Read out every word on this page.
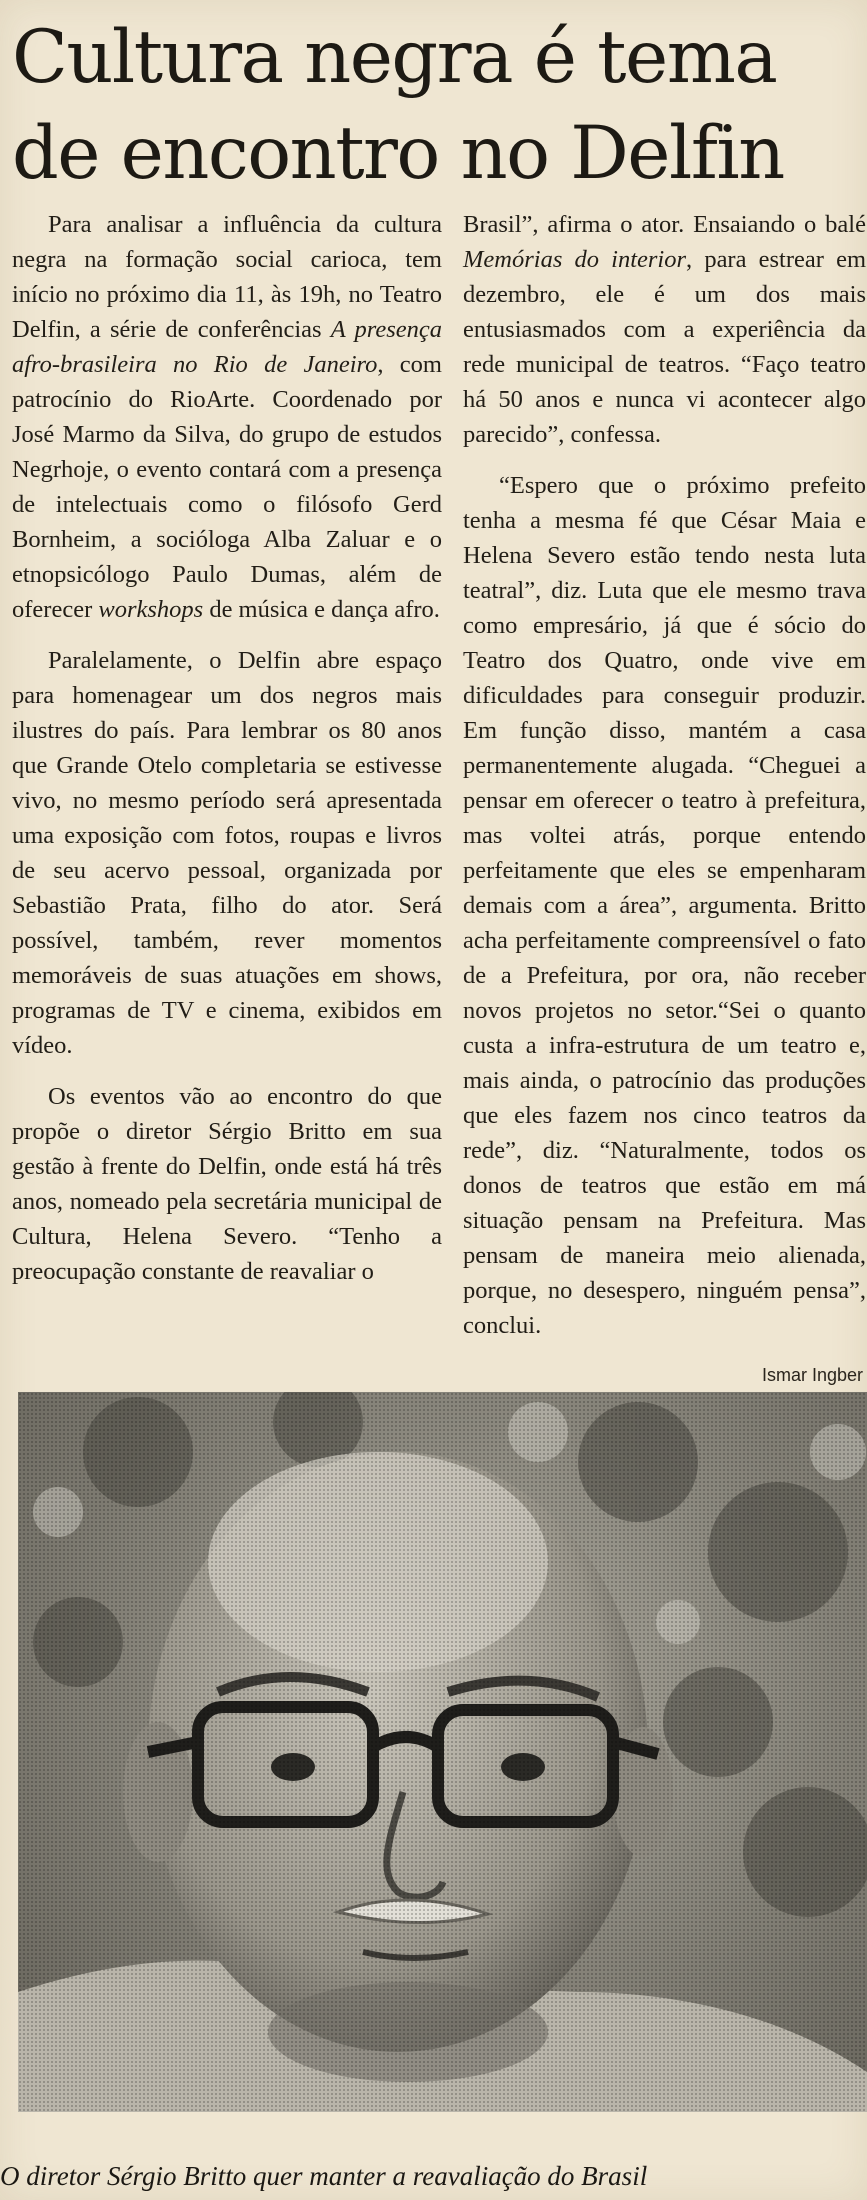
Cultura negra é tema de encontro no Delfin

Para analisar a influência da cultura negra na formação social carioca, tem início no próximo dia 11, às 19h, no Teatro Delfin, a série de conferências A presença afro-brasileira no Rio de Janeiro, com patrocínio do RioArte. Coordenado por José Marmo da Silva, do grupo de estudos Negrhoje, o evento contará com a presença de intelectuais como o filósofo Gerd Bornheim, a socióloga Alba Zaluar e o etnopsicólogo Paulo Dumas, além de oferecer workshops de música e dança afro.

Paralelamente, o Delfin abre espaço para homenagear um dos negros mais ilustres do país. Para lembrar os 80 anos que Grande Otelo completaria se estivesse vivo, no mesmo período será apresentada uma exposição com fotos, roupas e livros de seu acervo pessoal, organizada por Sebastião Prata, filho do ator. Será possível, também, rever momentos memoráveis de suas atuações em shows, programas de TV e cinema, exibidos em vídeo.

Os eventos vão ao encontro do que propõe o diretor Sérgio Britto em sua gestão à frente do Delfin, onde está há três anos, nomeado pela secretária municipal de Cultura, Helena Severo. “Tenho a preocupação constante de reavaliar o

Brasil”, afirma o ator. Ensaiando o balé Memórias do interior, para estrear em dezembro, ele é um dos mais entusiasmados com a experiência da rede municipal de teatros. “Faço teatro há 50 anos e nunca vi acontecer algo parecido”, confessa.

“Espero que o próximo prefeito tenha a mesma fé que César Maia e Helena Severo estão tendo nesta luta teatral”, diz. Luta que ele mesmo trava como empresário, já que é sócio do Teatro dos Quatro, onde vive em dificuldades para conseguir produzir. Em função disso, mantém a casa permanentemente alugada. “Cheguei a pensar em oferecer o teatro à prefeitura, mas voltei atrás, porque entendo perfeitamente que eles se empenharam demais com a área”, argumenta. Britto acha perfeitamente compreensível o fato de a Prefeitura, por ora, não receber novos projetos no setor.“Sei o quanto custa a infra-estrutura de um teatro e, mais ainda, o patrocínio das produções que eles fazem nos cinco teatros da rede”, diz. “Naturalmente, todos os donos de teatros que estão em má situação pensam na Prefeitura. Mas pensam de maneira meio alienada, porque, no desespero, ninguém pensa”, conclui.

Ismar Ingber
O diretor Sérgio Britto quer manter a reavaliação do Brasil
